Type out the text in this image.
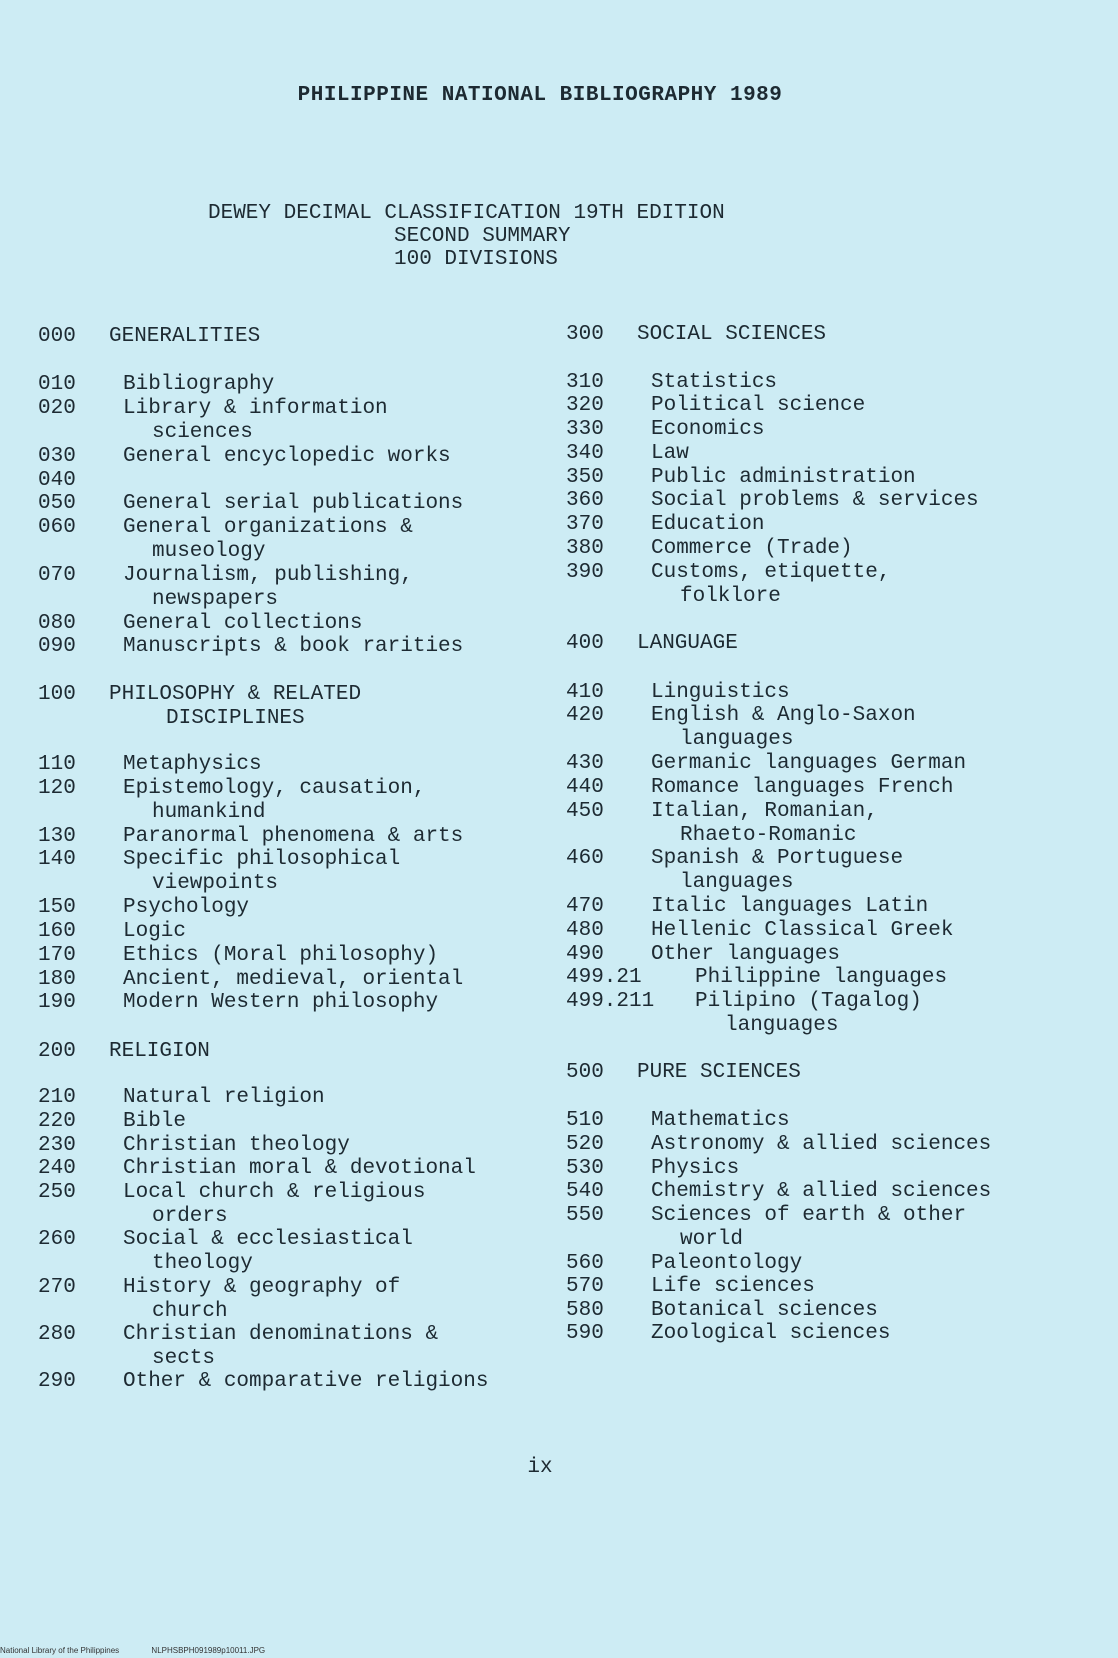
PHILIPPINE NATIONAL BIBLIOGRAPHY 1989
DEWEY DECIMAL CLASSIFICATION 19TH EDITION
SECOND SUMMARY
100 DIVISIONS
000 GENERALITIES
010 Bibliography
020 Library & information
sciences
030 General encyclopedic works
040
050 General serial publications
060 General organizations &
museology
070 Journalism, publishing,
newspapers
080 General collections
090 Manuscripts & book rarities
100 PHILOSOPHY & RELATED
DISCIPLINES
110 Metaphysics
120 Epistemology, causation,
humankind
130 Paranormal phenomena & arts
140 Specific philosophical
viewpoints
150 Psychology
160 Logic
170 Ethics (Moral philosophy)
180 Ancient, medieval, oriental
190 Modern Western philosophy
200 RELIGION
210 Natural religion
220 Bible
230 Christian theology
240 Christian moral & devotional
250 Local church & religious
orders
260 Social & ecclesiastical
theology
270 History & geography of
church
280 Christian denominations &
sects
290 Other & comparative religions
300 SOCIAL SCIENCES
310 Statistics
320 Political science
330 Economics
340 Law
350 Public administration
360 Social problems & services
370 Education
380 Commerce (Trade)
390 Customs, etiquette,
folklore
400 LANGUAGE
410 Linguistics
420 English & Anglo-Saxon
languages
430 Germanic languages German
440 Romance languages French
450 Italian, Romanian,
Rhaeto-Romanic
460 Spanish & Portuguese
languages
470 Italic languages Latin
480 Hellenic Classical Greek
490 Other languages
499.21	Philippine languages
499.211 Pilipino (Tagalog)
languages
500 PURE SCIENCES
510 Mathematics
520 Astronomy & allied sciences
530 Physics
540 Chemistry & allied sciences
550 Sciences of earth & other
world
560 Paleontology
570 Life sciences
580 Botanical sciences
590 Zoological sciences
ix
National Library of the Philippines	NLPHSBPH091989p10011.JPG
